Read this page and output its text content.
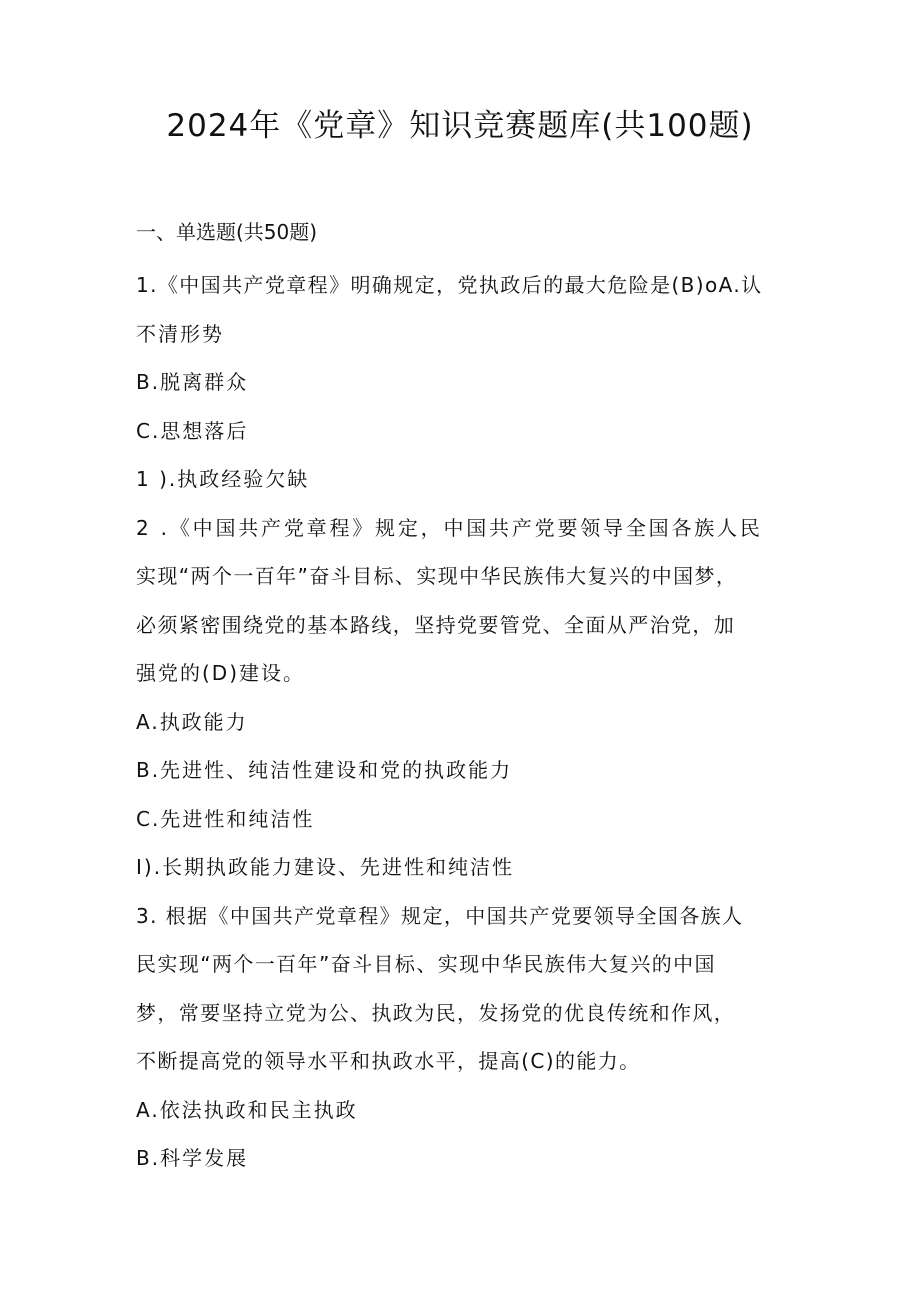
2024年《党章》知识竞赛题库(共100题)
一、单选题(共50题)
1.《中国共产党章程》明确规定，党执政后的最大危险是(B)oA.认
不清形势
B.脱离群众
C.思想落后
1 ).执政经验欠缺
2 .《中国共产党章程》规定，中国共产党要领导全国各族人民
实现“两个一百年”奋斗目标、实现中华民族伟大复兴的中国梦，
必须紧密围绕党的基本路线，坚持党要管党、全面从严治党，加
强党的(D)建设。
A.执政能力
B.先进性、纯洁性建设和党的执政能力
C.先进性和纯洁性
I).长期执政能力建设、先进性和纯洁性
3. 根据《中国共产党章程》规定，中国共产党要领导全国各族人
民实现“两个一百年”奋斗目标、实现中华民族伟大复兴的中国
梦，常要坚持立党为公、执政为民，发扬党的优良传统和作风，
不断提高党的领导水平和执政水平，提高(C)的能力。
A.依法执政和民主执政
B.科学发展
